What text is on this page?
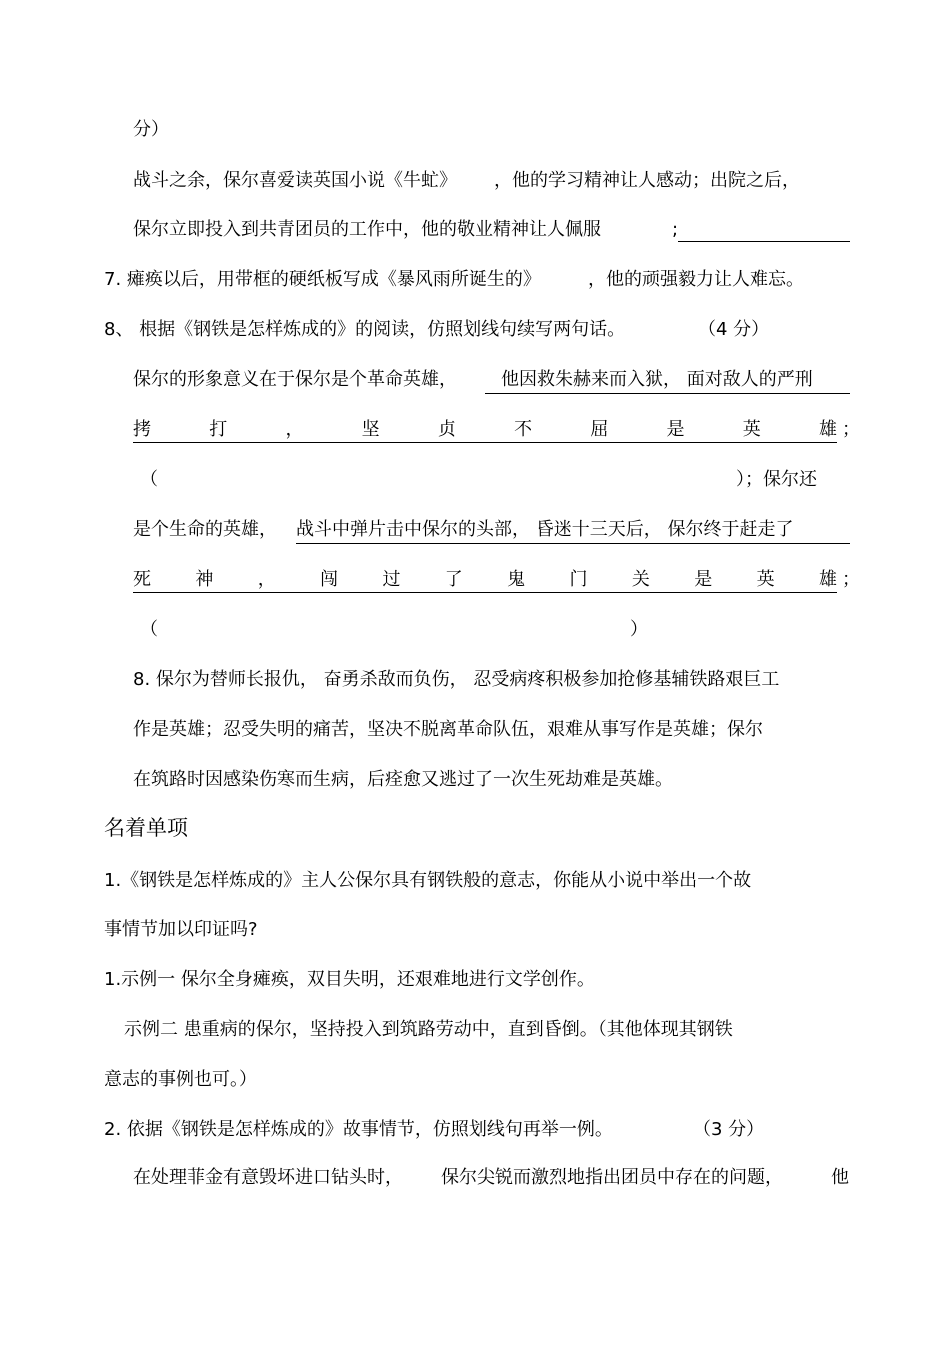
分）
战斗之余，保尔喜爱读英国小说《牛虻》 ，他的学习精神让人感动；出院之后，
保尔立即投入到共青团员的工作中，他的敬业精神让人佩服	;
7. 瘫痪以后，用带框的硬纸板写成《暴风雨所诞生的》	，他的顽强毅力让人难忘。
8、 根据《钢铁是怎样炼成的》的阅读，仿照划线句续写两句话。	（4 分）
保尔的形象意义在于保尔是个革命英雄，	他因救朱赫来而入狱， 面对敌人的严刑
拷	打	，	坚	贞	不	屈	是	英	雄 ；
（	）；保尔还
是个生命的英雄， 战斗中弹片击中保尔的头部， 昏迷十三天后， 保尔终于赶走了
死 神 ， 闯 过 了 鬼 门 关 是 英 雄 ；
（	）
8. 保尔为替师长报仇， 奋勇杀敌而负伤， 忍受病疼积极参加抢修基辅铁路艰巨工
作是英雄；忍受失明的痛苦，坚决不脱离革命队伍，艰难从事写作是英雄；保尔
在筑路时因感染伤寒而生病，后痊愈又逃过了一次生死劫难是英雄。
名着单项
1.《钢铁是怎样炼成的》主人公保尔具有钢铁般的意志，你能从小说中举出一个故
事情节加以印证吗?
1.示例一 保尔全身瘫痪，双目失明，还艰难地进行文学创作。
示例二 患重病的保尔，坚持投入到筑路劳动中，直到昏倒。（其他体现其钢铁
意志的事例也可。）
2. 依据《钢铁是怎样炼成的》故事情节，仿照划线句再举一例。	（3 分）
在处理菲金有意毁坏进口钻头时， 保尔尖锐而激烈地指出团员中存在的问题，	他
